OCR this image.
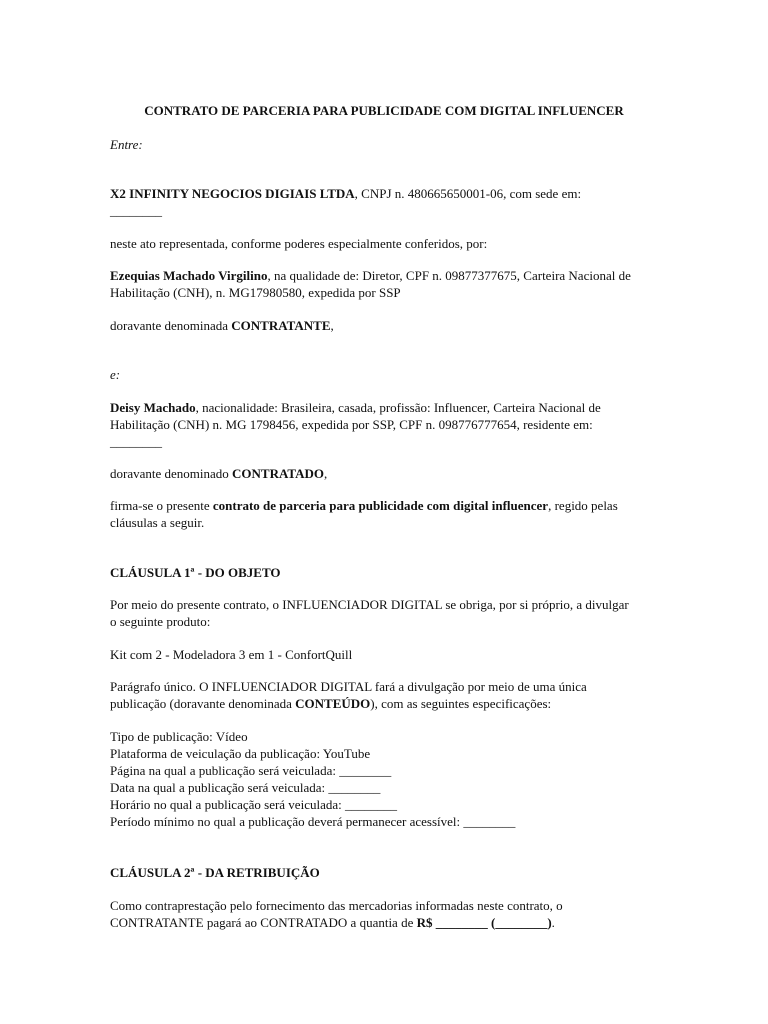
CONTRATO DE PARCERIA PARA PUBLICIDADE COM DIGITAL INFLUENCER

Entre:

X2 INFINITY NEGOCIOS DIGIAIS LTDA, CNPJ n. 480665650001-06, com sede em:
________

neste ato representada, conforme poderes especialmente conferidos, por:

Ezequias Machado Virgilino, na qualidade de: Diretor, CPF n. 09877377675, Carteira Nacional de
Habilitação (CNH), n. MG17980580, expedida por SSP

doravante denominada CONTRATANTE,

e:

Deisy Machado, nacionalidade: Brasileira, casada, profissão: Influencer, Carteira Nacional de
Habilitação (CNH) n. MG 1798456, expedida por SSP, CPF n. 098776777654, residente em:
________

doravante denominado CONTRATADO,

firma-se o presente contrato de parceria para publicidade com digital influencer, regido pelas
cláusulas a seguir.

CLÁUSULA 1ª - DO OBJETO

Por meio do presente contrato, o INFLUENCIADOR DIGITAL se obriga, por si próprio, a divulgar
o seguinte produto:

Kit com 2 - Modeladora 3 em 1 - ConfortQuill

Parágrafo único. O INFLUENCIADOR DIGITAL fará a divulgação por meio de uma única
publicação (doravante denominada CONTEÚDO), com as seguintes especificações:

Tipo de publicação: Vídeo
Plataforma de veiculação da publicação: YouTube
Página na qual a publicação será veiculada: ________
Data na qual a publicação será veiculada: ________
Horário no qual a publicação será veiculada: ________
Período mínimo no qual a publicação deverá permanecer acessível: ________

CLÁUSULA 2ª - DA RETRIBUIÇÃO

Como contraprestação pelo fornecimento das mercadorias informadas neste contrato, o
CONTRATANTE pagará ao CONTRATADO a quantia de R$ ________ (________).
